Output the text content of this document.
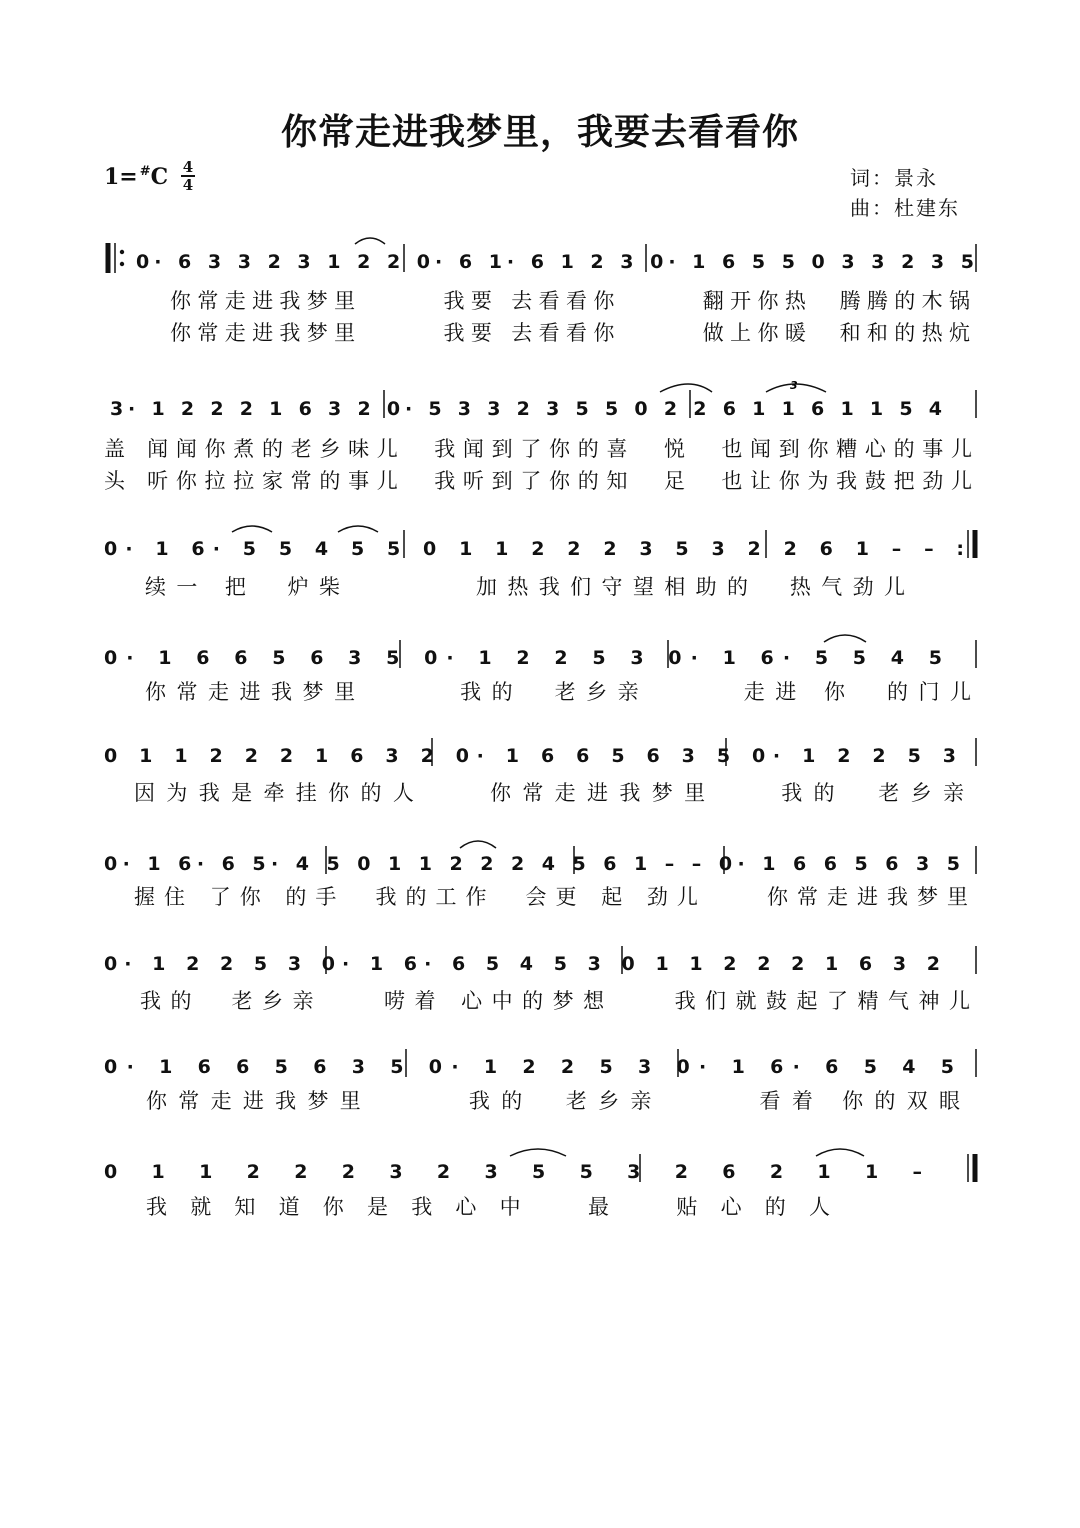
你常走进我梦里，我要去看看你
1= #C 4
4	词：景永
曲：杜建东
0· 6 3 3 2 3 1 2 2 0· 6 1· 6 1 2 3 0· 1 6 5 5 0 3 3 2 3 5
你常走进我梦里　　　我要 去看看你　　　翻开你热　腾腾的木锅
你常走进我梦里　　　我要 去看看你　　　做上你暖　和和的热炕
3· 1 2 2 2 1 6 3 2 0· 5 3 3 2 3 5 5 0 2 2 6 1 1 6 1 1 5 4
盖 闻闻你煮的老乡味儿　我闻到了你的喜　悦　也闻到你糟心的事儿
头 听你拉拉家常的事儿　我听到了你的知　足　也让你为我鼓把劲儿
3
0· 1 6· 5 5 4 5 5 0 1 1 2 2 2 3 5 3 2 2 6 1 – – :
续一 把　炉柴　　　　加热我们守望相助的　热气劲儿
0· 1 6 6 5 6 3 5 0· 1 2 2 5 3 0· 1 6· 5 5 4 5
你常走进我梦里　　　我的　老乡亲　　　走进 你　的门儿
0 1 1 2 2 2 1 6 3 2 0· 1 6 6 5 6 3 5 0· 1 2 2 5 3
因为我是牵挂你的人　　你常走进我梦里　　我的　老乡亲
0· 1 6· 6 5· 4 5 0 1 1 2 2 2 4 5 6 1 – – 0· 1 6 6 5 6 3 5
握住 了你 的手　我的工作　会更 起 劲儿　　你常走进我梦里
0· 1 2 2 5 3 0· 1 6· 6 5 4 5 3 0 1 1 2 2 2 1 6 3 2
我的　老乡亲　　唠着 心中的梦想　　我们就鼓起了精气神儿
0· 1 6 6 5 6 3 5 0· 1 2 2 5 3 0· 1 6· 6 5 4 5
你常走进我梦里　　　我的　老乡亲　　　看着 你的双眼
0 1 1 2 2 2 3 2 3 5 5 3 2 6 2 1 1 –
我就知道你是我心中　最　贴心的人
